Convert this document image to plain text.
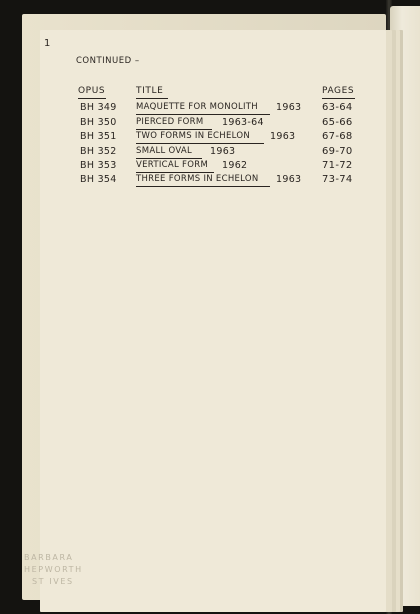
1
CONTINUED –
OPUS	TITLE	PAGES
BH 349 MAQUETTE FOR MONOLITH 1963 63-64
BH 350 PIERCED FORM 1963-64	65-66
BH 351 TWO FORMS IN ECHELON 1963	67-68
BH 352 SMALL OVAL 1963	69-70
BH 353 VERTICAL FORM 1962	71-72
BH 354 THREE FORMS IN ECHELON 1963 73-74
BARBARA
HEPWORTH
ST IVES
